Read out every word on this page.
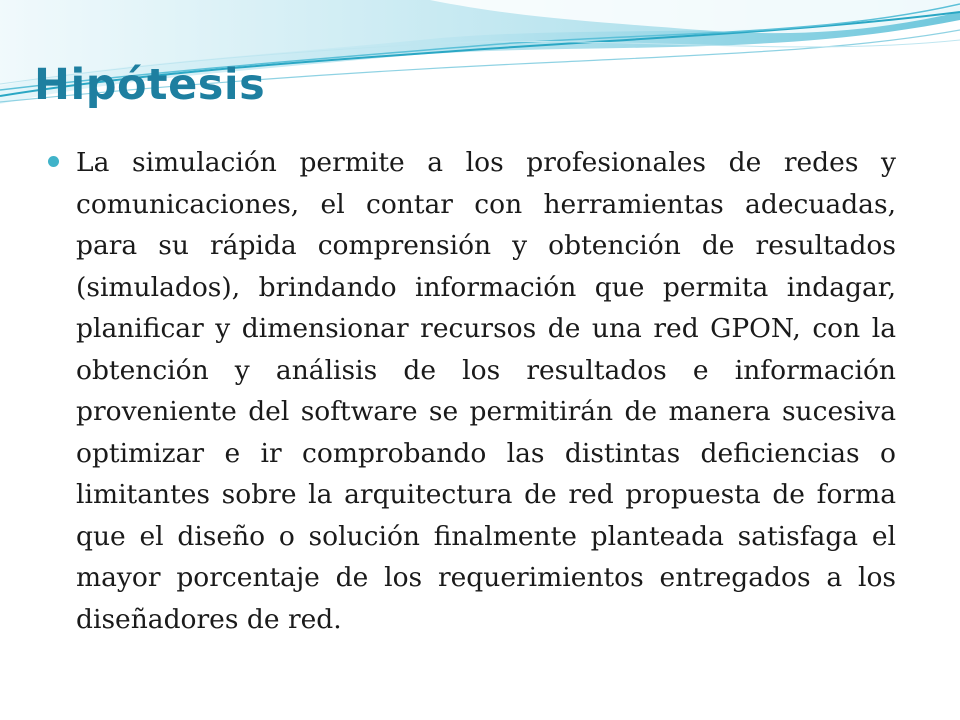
Hipótesis

La simulación permite a los profesionales de redes y comunicaciones, el contar con herramientas adecuadas, para su rápida comprensión y obtención de resultados (simulados), brindando información que permita indagar, planificar y dimensionar recursos de una red GPON, con la obtención y análisis de los resultados e información proveniente del software se permitirán de manera sucesiva optimizar e ir comprobando las distintas deficiencias o limitantes sobre la arquitectura de red propuesta de forma que el diseño o solución finalmente planteada satisfaga el mayor porcentaje de los requerimientos entregados a los diseñadores de red.
